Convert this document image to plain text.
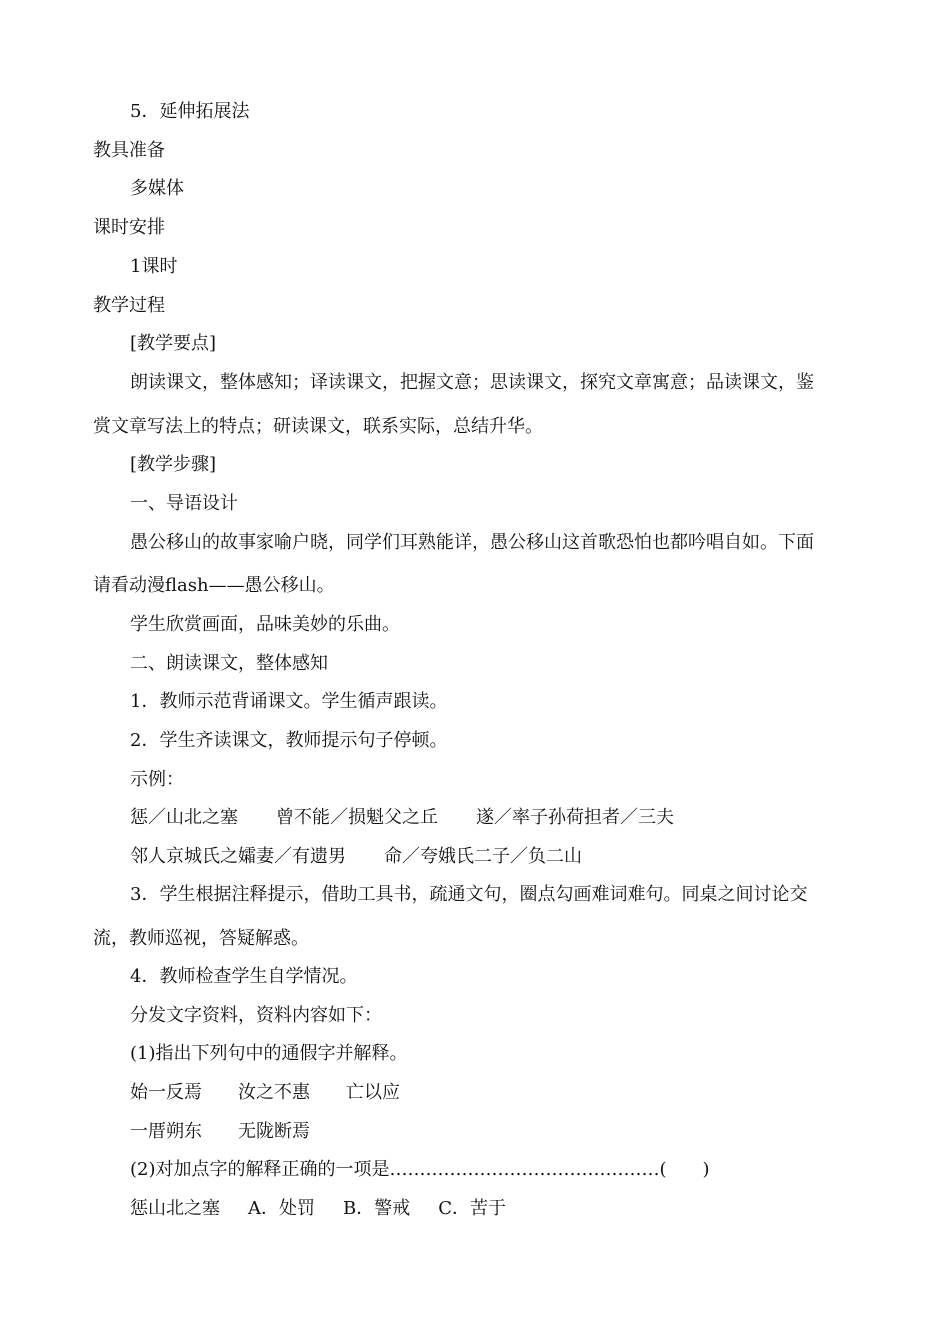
5．延伸拓展法
教具准备
多媒体
课时安排
1课时
教学过程
[教学要点]
朗读课文，整体感知；译读课文，把握文意；思读课文，探究文章寓意；品读课文，鉴
赏文章写法上的特点；研读课文，联系实际，总结升华。
[教学步骤]
一、导语设计
愚公移山的故事家喻户晓，同学们耳熟能详，愚公移山这首歌恐怕也都吟唱自如。下面
请看动漫flash——愚公移山。
学生欣赏画面，品味美妙的乐曲。
二、朗读课文，整体感知
1．教师示范背诵课文。学生循声跟读。
2．学生齐读课文，教师提示句子停顿。
示例：
惩／山北之塞 曾不能／损魁父之丘 遂／率子孙荷担者／三夫
邻人京城氏之孀妻／有遗男 命／夸娥氏二子／负二山
3．学生根据注释提示，借助工具书，疏通文句，圈点勾画难词难句。同桌之间讨论交
流，教师巡视，答疑解惑。
4．教师检查学生自学情况。
分发文字资料，资料内容如下：
(1)指出下列句中的通假字并解释。
始一反焉 汝之不惠 亡以应
一厝朔东 无陇断焉
(2)对加点字的解释正确的一项是………………………………………(　　)
惩山北之塞 A．处罚 B．警戒 C．苦于
